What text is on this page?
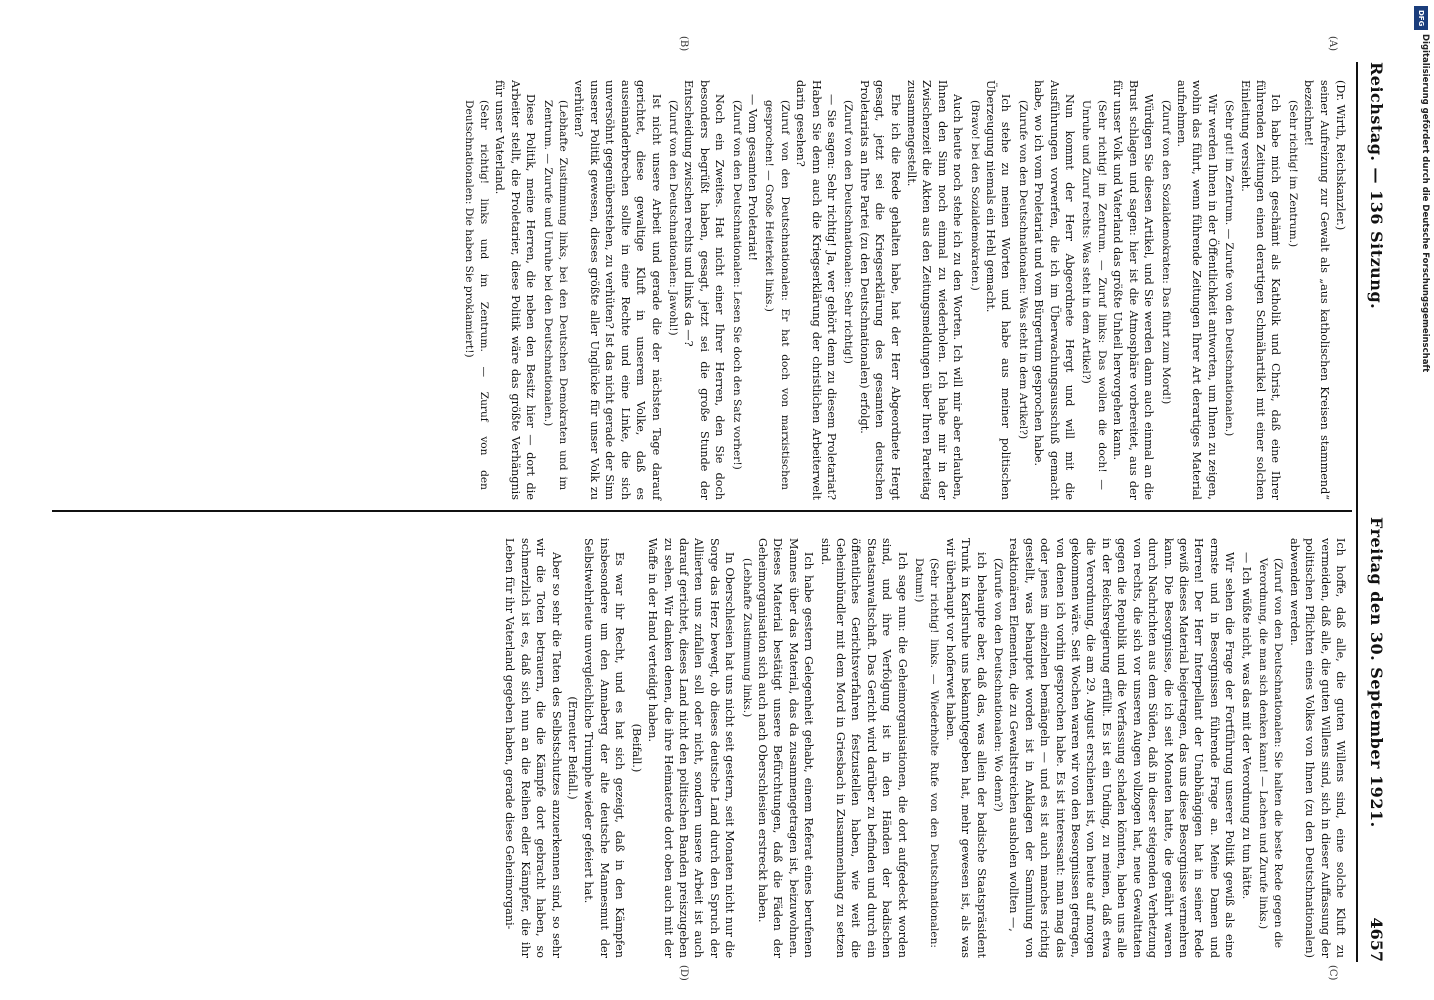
Reichstag. — 136 Sitzung.
Freitag den 30. September 1921.
4657
(A)
(B)
(C)
(D)

(Dr. Wirth, Reichskanzler.)

seiner Aufreizung zur Gewalt als „aus katholischen Kreisen stammend“ bezeichnet!

(Sehr richtig! im Zentrum.)

Ich habe mich geschämt als Katholik und Christ, daß eine Ihrer führenden Zeitungen einen derartigen Schmähartikel mit einer solchen Einleitung versieht.

(Sehr gut! im Zentrum. — Zurufe von den Deutschnationalen.)

Wir werden Ihnen in der Öffentlichkeit antworten, um Ihnen zu zeigen, wohin das führt, wenn führende Zeitungen Ihrer Art derartiges Material aufnehmen.

(Zuruf von den Sozialdemokraten: Das führt zum Mord!)

Würdigen Sie diesen Artikel, und Sie werden dann auch einmal an die Brust schlagen und sagen: hier ist die Atmosphäre vorbereitet, aus der für unser Volk und Vaterland das größte Unheil hervorgehen kann.

(Sehr richtig! im Zentrum. — Zuruf links: Das wollen die doch! — Unruhe und Zuruf rechts: Was steht in dem Artikel?)

Nun kommt der Herr Abgeordnete Hergt und will mit die Ausführungen vorwerfen, die ich im Überwachungsausschuß gemacht habe, wo ich vom Proletariat und vom Bürgertum gesprochen habe.

(Zurufe von den Deutschnationalen: Was steht in dem Artikel?)

Ich stehe zu meinen Worten und habe aus meiner politischen Überzeugung niemals ein Hehl gemacht.

(Bravo! bei den Sozialdemokraten.)

Auch heute noch stehe ich zu den Worten. Ich will mir aber erlauben, Ihnen den Sinn noch einmal zu wiederholen. Ich habe mir in der Zwischenzeit die Akten aus den Zeitungsmeldungen über Ihren Parteitag zusammengestellt.

Ehe ich die Rede gehalten habe, hat der Herr Abgeordnete Hergt gesagt, jetzt sei die Kriegserklärung des gesamten deutschen Proletariats an Ihre Partei (zu den Deutschnationalen) erfolgt.

(Zuruf von den Deutschnationalen: Sehr richtig!)

— Sie sagen: Sehr richtig! Ja, wer gehört denn zu diesem Proletariat? Haben Sie denn auch die Kriegserklärung der christlichen Arbeiterwelt darin gesehen?

(Zuruf von den Deutschnationalen: Er hat doch von marxistischen gesprochen! — Große Heiterkeit links.)

— Vom gesamten Proletariat!

(Zuruf von den Deutschnationalen: Lesen Sie doch den Satz vorher!)

Noch ein Zweites. Hat nicht einer Ihrer Herren, den Sie doch besonders begrüßt haben, gesagt, jetzt sei die große Stunde der Entscheidung zwischen rechts und links da —?

(Zuruf von den Deutschnationalen: Jawohl!)

Ist nicht unsere Arbeit und gerade die der nächsten Tage darauf gerichtet, diese gewaltige Kluft in unserem Volke, daß es auseinanderbrechen sollte in eine Rechte und eine Linke, die sich unversöhnt gegenüberstehen, zu verhüten? Ist das nicht gerade der Sinn unserer Politik gewesen, dieses größte aller Unglücke für unser Volk zu verhüten?

(Lebhafte Zustimmung links, bei den Deutschen Demokraten und im Zentrum. — Zurufe und Unruhe bei den Deutschnationalen.)

Diese Politik, meine Herren, die neben den Besitz hier — dort die Arbeiter stellt, die Proletarier, diese Politik wäre das größte Verhängnis für unser Vaterland.

(Sehr richtig! links und im Zentrum. — Zuruf von den Deutschnationalen: Die haben Sie proklamiert!)

Ich hoffe, daß alle, die guten Willens sind, eine solche Kluft zu vermeiden, daß alle, die guten Willens sind, sich in dieser Auffassung der politischen Pflichten eines Volkes von Ihnen (zu den Deutschnationalen) abwenden werden.

(Zuruf von den Deutschnationalen: Sie halten die beste Rede gegen die Verordnung, die man sich denken kann! — Lachen und Zurufe links.)

— Ich wüßte nicht, was das mit der Verordnung zu tun hätte.

Wir sehen die Frage der Fortführung unserer Politik gewiß als eine ernste und in Besorgnissen führende Frage an. Meine Damen und Herren! Der Herr Interpellant der Unabhängigen hat in seiner Rede gewiß dieses Material beigetragen, das uns diese Besorgnisse vermehren kann. Die Besorgnisse, die ich seit Monaten hatte, die genährt waren durch Nachrichten aus dem Süden, daß in dieser steigenden Verhetzung von rechts, die sich vor unseren Augen vollzogen hat, neue Gewalttaten gegen die Republik und die Verfassung schaden könnten, haben uns alle in der Reichsregierung erfüllt. Es ist ein Unding, zu meinen, daß etwa die Verordnung, die am 29. August erschienen ist, von heute auf morgen gekommen wäre. Seit Wochen waren wir von den Besorgnissen getragen, von denen ich vorhin gesprochen habe. Es ist interessant: man mag das oder jenes im einzelnen bemängeln — und es ist auch manches richtig gestellt, was behauptet worden ist in Anklagen der Sammlung von reaktionären Elementen, die zu Gewaltstreichen ausholen wollten —,

(Zurufe von den Deutschnationalen: Wo denn?)

ich behaupte aber, daß das, was allein der badische Staatspräsident Trunk in Karlsruhe uns bekanntgegeben hat, mehr gewesen ist, als was wir überhaupt vor hofierwet haben.

(Sehr richtig! links. — Wiederholte Rufe von den Deutschnationalen: Datum!)

Ich sage nun: die Geheimorganisationen, die dort aufgedeckt worden sind, und ihre Verfolgung ist in den Händen der badischen Staatsanwaltschaft. Das Gericht wird darüber zu befinden und durch ein öffentliches Gerichtsverfahren festzustellen haben, wie weit die Geheimbündler mit dem Mord in Griesbach in Zusammenhang zu setzen sind.

Ich habe gestern Gelegenheit gehabt, einem Referat eines berufenen Mannes über das Material, das da zusammengetragen ist, beizuwohnen. Dieses Material bestätigt unsere Befürchtungen, daß die Fäden der Geheimorganisation sich auch nach Oberschlesien erstreckt haben.

(Lebhafte Zustimmung links.)

In Oberschlesien hat uns nicht seit gestern, seit Monaten nicht nur die Sorge das Herz bewegt, ob dieses deutsche Land durch den Spruch der Alliierten uns zufallen soll oder nicht, sondern unsere Arbeit ist auch darauf gerichtet, dieses Land nicht den politischen Banden preiszugeben zu sehen. Wir danken denen, die ihre Heimaterde dort oben auch mit der Waffe in der Hand verteidigt haben.

(Beifall.)

Es war ihr Recht, und es hat sich gezeigt, daß in den Kämpfen insbesondere um den Annaberg der alte deutsche Mannesmut der Selbstwehrleute unvergleichliche Triumphe wieder gefeiert hat.

(Erneuter Beifall.)

Aber so sehr die Taten des Selbstschutzes anzuerkennen sind, so sehr wir die Toten betrauern, die die Kämpfe dort gebracht haben, so schmerzlich ist es, daß sich nun an die Reihen edler Kämpfer, die ihr Leben für ihr Vaterland gegeben haben, gerade diese Geheimorgani-

DFG
Digitalisierung gefördert durch die Deutsche Forschungsgemeinschaft
